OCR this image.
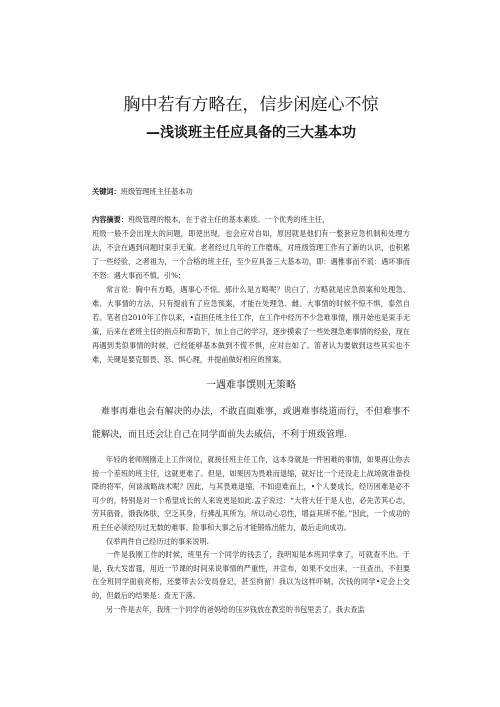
胸中若有方略在，信步闲庭心不惊
—浅谈班主任应具备的三大基本功
关键词：班级管理班主任基本功

内容摘要：班级管理的根本，在于省主任的基本素质。一个优秀的班主任，

班级一般不会出现大的问题，即使出现，也会应对自如，原因就是他们有一整套应急机制和处理方法，不会在遇到问题时束手无策。老者经过几年的工作磨炼，对班级管理工作有了新的认识，也积累了一些经验，之者祖为，一个合格的班主任，至少应具备三大基本功，即：遇椎事而不谎：遇坏事而不怒：遇大事而不慎。引%；

常言说：胸中有方略，遇事心不惊。那什么是方略呢？说白了，方略就是应急预案和处理急、难、大事情的方法，只有提前有了应急预案，才能在处理急、雌、大事情的时候不惊不惧，泰然自若。笔者自2010年工作以来，•直担任班主任工作，在工作中经历不少急难事情，刚开始也是束手无策，后来在老班主任的指点和帮助下，加上自己的学习，逐步摸索了一些处理急难事情的经验，现在再遇到类似事情的时候，已经能够基本做到不慌不惧，应对自如了。笛者认为要做到这些其实也不难，关键是要克服畏、怒、惧心理，并提前做好相应的预案。

一遇难事馔则无策略
难事再难也会有解决的办法，不敢直面难事，或遇难事绕道而行，不但难事不能解决，而且还会让自己在同学面前失去威信，不利于班级管理.

年轻的老师刚刚走上工作岗位，就接任班主任工作，这本身就是一件困难的事情，如果再让你去接一个差班的班主任，这就更难了。但是，如果因为畏难而退缩，就好比一个还没走上战场就准备投降的将军，何谈战略战术呢？因此，与其畏难退缩，不如迎难而上，•个人要成长，经历困难是必不可少的，特别是对一个希望成长的人来说更是如此.孟子说过：“大将大任于是人也，必先苦其心志，劳其筋骨，饿我体肤，空乏其身，行拂乱其所为，所以动心忍性，增益其所不能。”因此，一个成功的班主任必须经历过无数的难事、险事和大事之后才能锻炼出能力，最后走向成功。

仅举两件自己经历过的事来说明.

一件是我刚工作的时候，班里有一个同学的钱丢了，我明知是本班同学拿了，可就查不出。于是，我大发雷霆，用近一节课的时间来说事情的严重性，并宣布，如果不交出来，一旦查出，不但要在全班同学面前亮相，还要带去公安局登记，甚至拘留！我以为这样吓唬，次钱的同学•定会上交的，但最后的结果是：查无下落。

另一件是去年，我班一个同学的爸妈给的压岁钱放在教室的书包里丢了，我去查监
